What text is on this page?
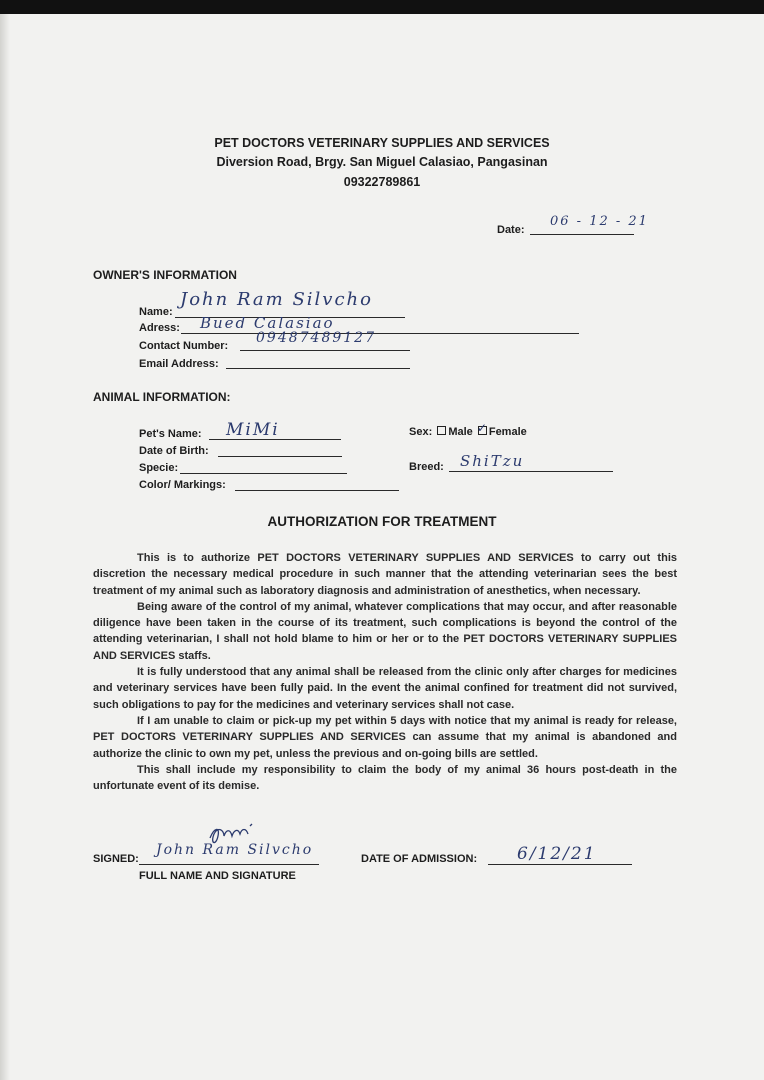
PET DOCTORS VETERINARY SUPPLIES AND SERVICES
Diversion Road, Brgy. San Miguel Calasiao, Pangasinan
09322789861
Date:
06 - 12 - 21
OWNER'S INFORMATION
Name:
John Ram Silvcho
Adress: Bued Calasiao
Contact Number: 09487489127
Email Address:
ANIMAL INFORMATION:
Pet's Name: MiMi
Date of Birth:
Specie:
Color/ Markings:
Sex: Male ✓ Female
Breed: ShiTzu
AUTHORIZATION FOR TREATMENT

This is to authorize PET DOCTORS VETERINARY SUPPLIES AND SERVICES to carry out this discretion the necessary medical procedure in such manner that the attending veterinarian sees the best treatment of my animal such as laboratory diagnosis and administration of anesthetics, when necessary.

Being aware of the control of my animal, whatever complications that may occur, and after reasonable diligence have been taken in the course of its treatment, such complications is beyond the control of the attending veterinarian, I shall not hold blame to him or her or to the PET DOCTORS VETERINARY SUPPLIES AND SERVICES staffs.

It is fully understood that any animal shall be released from the clinic only after charges for medicines and veterinary services have been fully paid. In the event the animal confined for treatment did not survived, such obligations to pay for the medicines and veterinary services shall not case.

If I am unable to claim or pick-up my pet within 5 days with notice that my animal is ready for release, PET DOCTORS VETERINARY SUPPLIES AND SERVICES can assume that my animal is abandoned and authorize the clinic to own my pet, unless the previous and on-going bills are settled.

This shall include my responsibility to claim the body of my animal 36 hours post-death in the unfortunate event of its demise.

SIGNED:
John Ram Silvcho
FULL NAME AND SIGNATURE
DATE OF ADMISSION: 6/12/21
